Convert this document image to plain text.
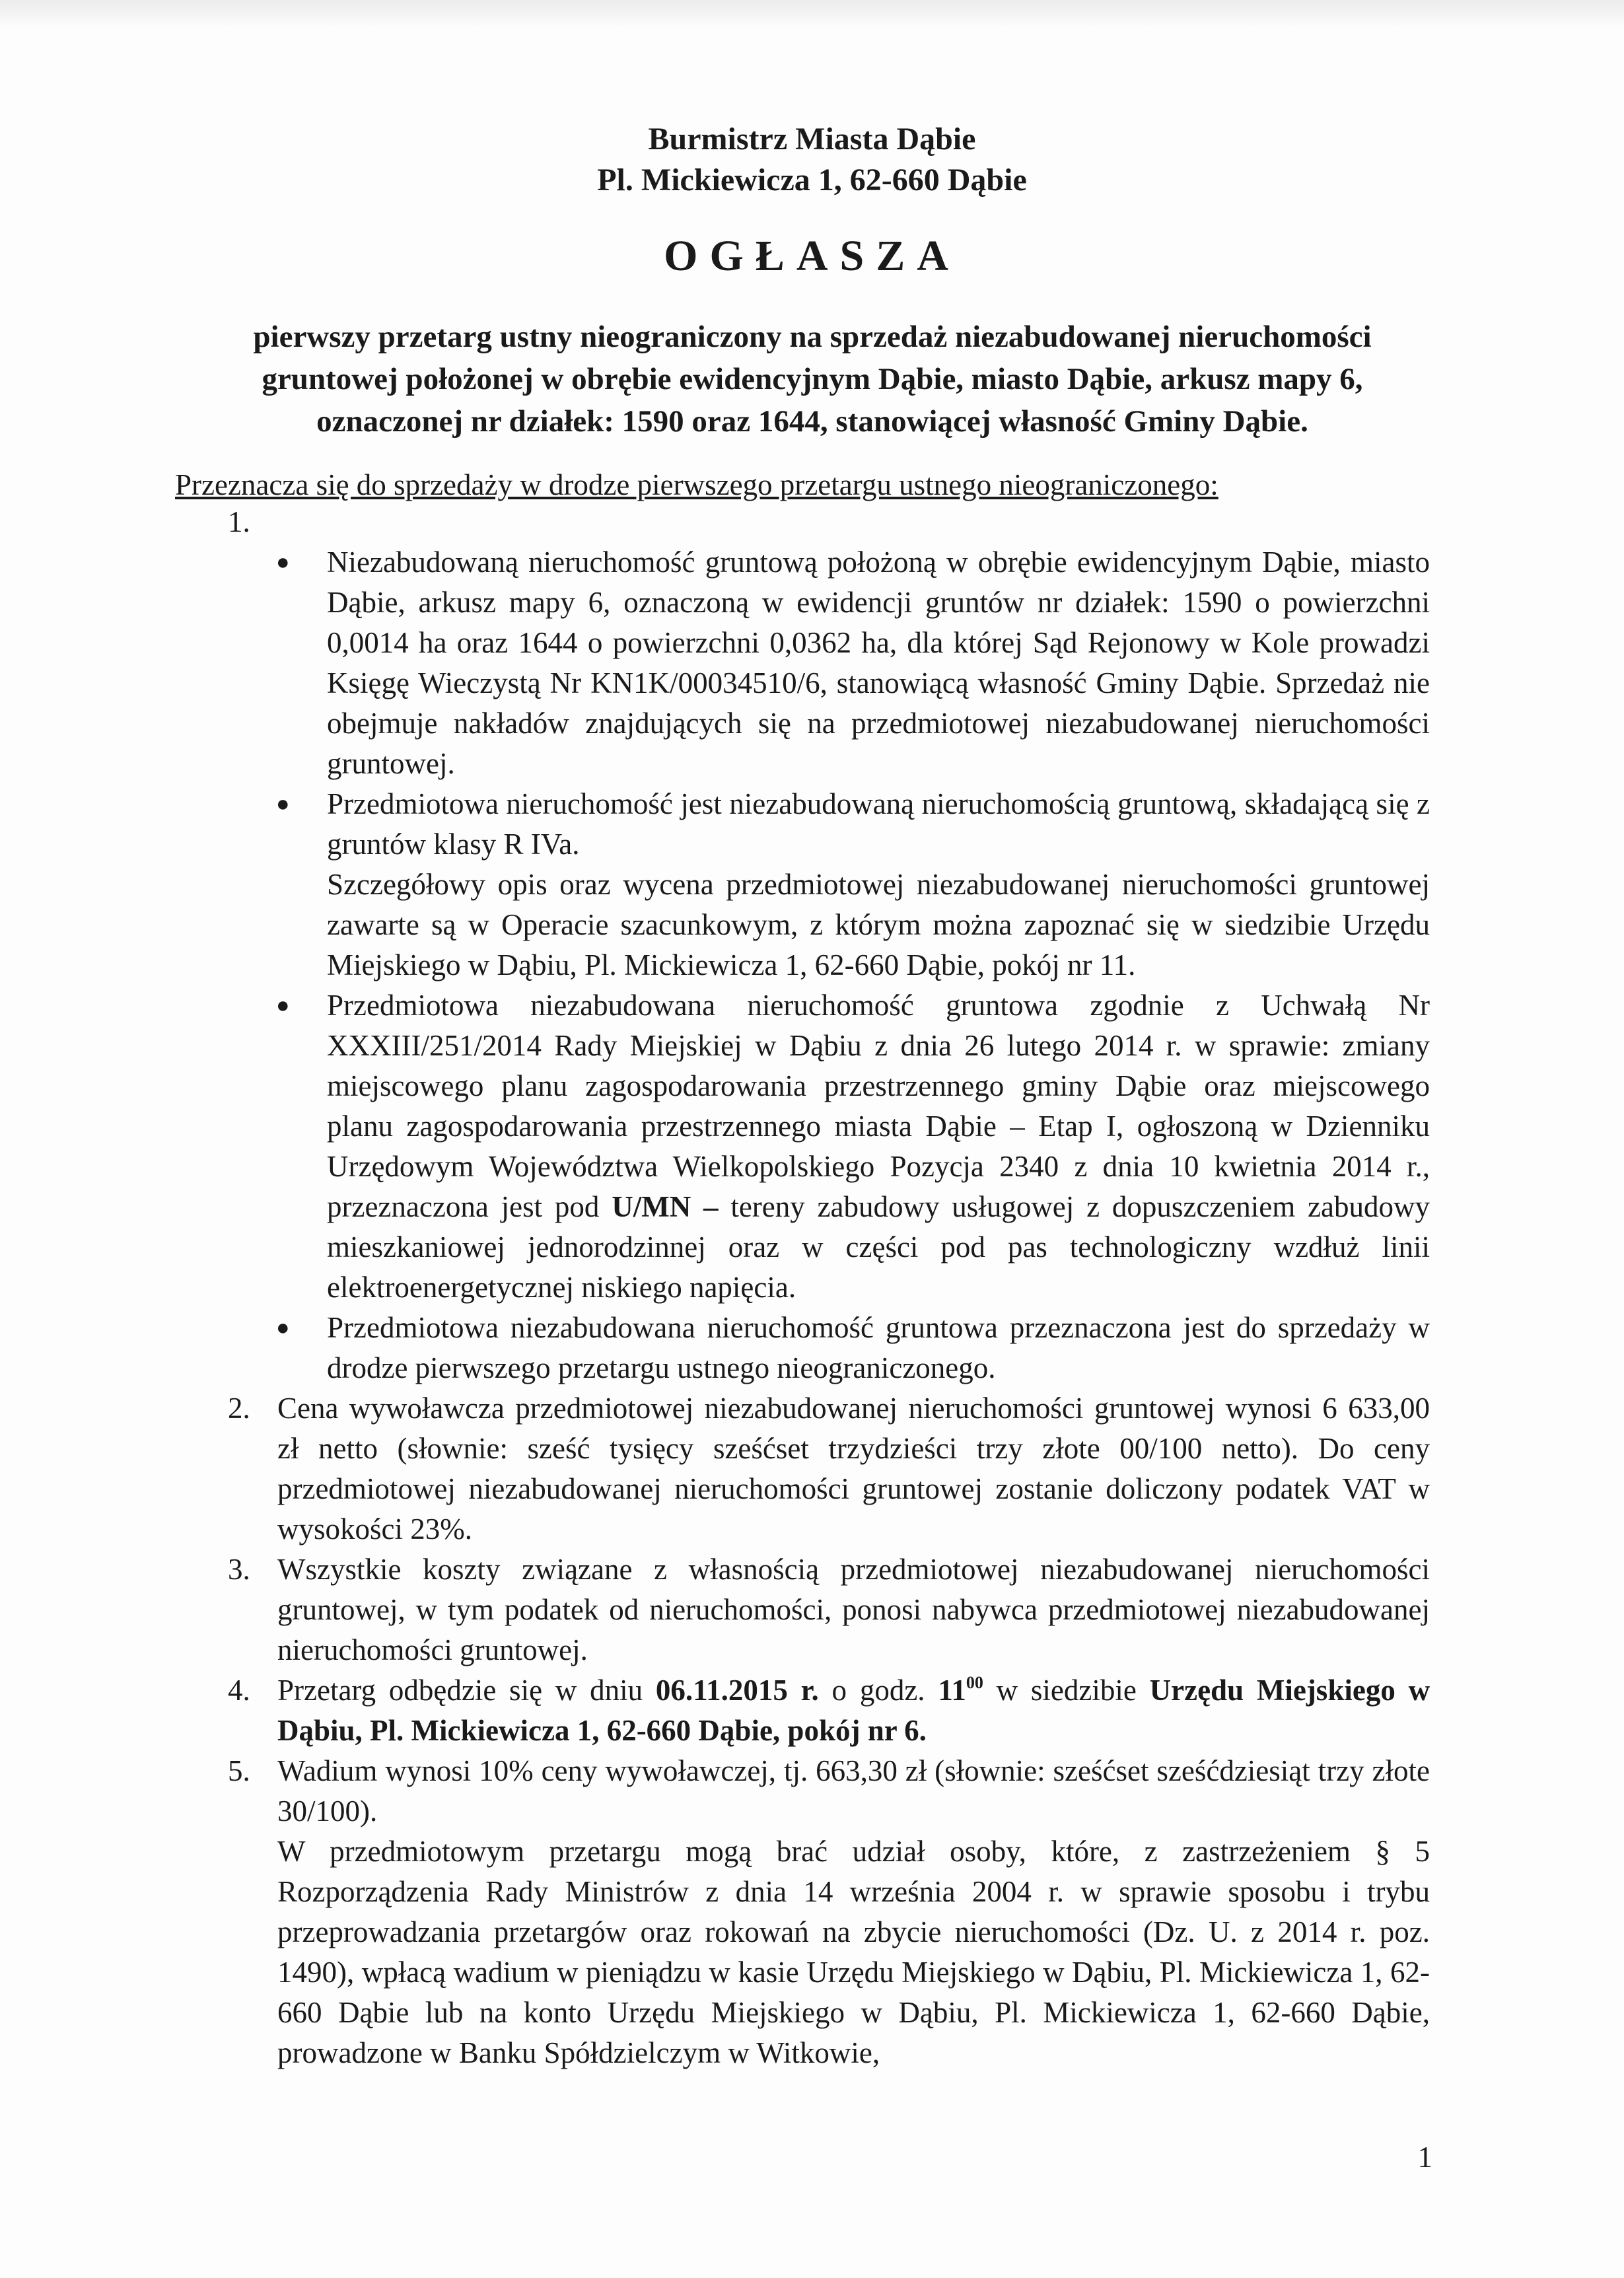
Burmistrz Miasta Dąbie
Pl. Mickiewicza 1, 62-660 Dąbie
OGŁASZA
pierwszy przetarg ustny nieograniczony na sprzedaż niezabudowanej nieruchomości gruntowej położonej w obrębie ewidencyjnym Dąbie, miasto Dąbie, arkusz mapy 6, oznaczonej nr działek: 1590 oraz 1644, stanowiącej własność Gminy Dąbie.
Przeznacza się do sprzedaży w drodze pierwszego przetargu ustnego nieograniczonego:
1.
● Niezabudowaną nieruchomość gruntową położoną w obrębie ewidencyjnym Dąbie, miasto Dąbie, arkusz mapy 6, oznaczoną w ewidencji gruntów nr działek: 1590 o powierzchni 0,0014 ha oraz 1644 o powierzchni 0,0362 ha, dla której Sąd Rejonowy w Kole prowadzi Księgę Wieczystą Nr KN1K/00034510/6, stanowiącą własność Gminy Dąbie. Sprzedaż nie obejmuje nakładów znajdujących się na przedmiotowej niezabudowanej nieruchomości gruntowej.
● Przedmiotowa nieruchomość jest niezabudowaną nieruchomością gruntową, składającą się z gruntów klasy R IVa.
Szczegółowy opis oraz wycena przedmiotowej niezabudowanej nieruchomości gruntowej zawarte są w Operacie szacunkowym, z którym można zapoznać się w siedzibie Urzędu Miejskiego w Dąbiu, Pl. Mickiewicza 1, 62-660 Dąbie, pokój nr 11.
● Przedmiotowa niezabudowana nieruchomość gruntowa zgodnie z Uchwałą Nr XXXIII/251/2014 Rady Miejskiej w Dąbiu z dnia 26 lutego 2014 r. w sprawie: zmiany miejscowego planu zagospodarowania przestrzennego gminy Dąbie oraz miejscowego planu zagospodarowania przestrzennego miasta Dąbie – Etap I, ogłoszoną w Dzienniku Urzędowym Województwa Wielkopolskiego Pozycja 2340 z dnia 10 kwietnia 2014 r., przeznaczona jest pod U/MN – tereny zabudowy usługowej z dopuszczeniem zabudowy mieszkaniowej jednorodzinnej oraz w części pod pas technologiczny wzdłuż linii elektroenergetycznej niskiego napięcia.
● Przedmiotowa niezabudowana nieruchomość gruntowa przeznaczona jest do sprzedaży w drodze pierwszego przetargu ustnego nieograniczonego.
2. Cena wywoławcza przedmiotowej niezabudowanej nieruchomości gruntowej wynosi 6 633,00 zł netto (słownie: sześć tysięcy sześćset trzydzieści trzy złote 00/100 netto). Do ceny przedmiotowej niezabudowanej nieruchomości gruntowej zostanie doliczony podatek VAT w wysokości 23%.
3. Wszystkie koszty związane z własnością przedmiotowej niezabudowanej nieruchomości gruntowej, w tym podatek od nieruchomości, ponosi nabywca przedmiotowej niezabudowanej nieruchomości gruntowej.
4. Przetarg odbędzie się w dniu 06.11.2015 r. o godz. $11^{00}$ w siedzibie Urzędu Miejskiego w Dąbiu, Pl. Mickiewicza 1, 62-660 Dąbie, pokój nr 6.
5. Wadium wynosi 10% ceny wywoławczej, tj. 663,30 zł (słownie: sześćset sześćdziesiąt trzy złote 30/100).
W przedmiotowym przetargu mogą brać udział osoby, które, z zastrzeżeniem § 5 Rozporządzenia Rady Ministrów z dnia 14 września 2004 r. w sprawie sposobu i trybu przeprowadzania przetargów oraz rokowań na zbycie nieruchomości (Dz. U. z 2014 r. poz. 1490), wpłacą wadium w pieniądzu w kasie Urzędu Miejskiego w Dąbiu, Pl. Mickiewicza 1, 62-660 Dąbie lub na konto Urzędu Miejskiego w Dąbiu, Pl. Mickiewicza 1, 62-660 Dąbie, prowadzone w Banku Spółdzielczym w Witkowie,
1
